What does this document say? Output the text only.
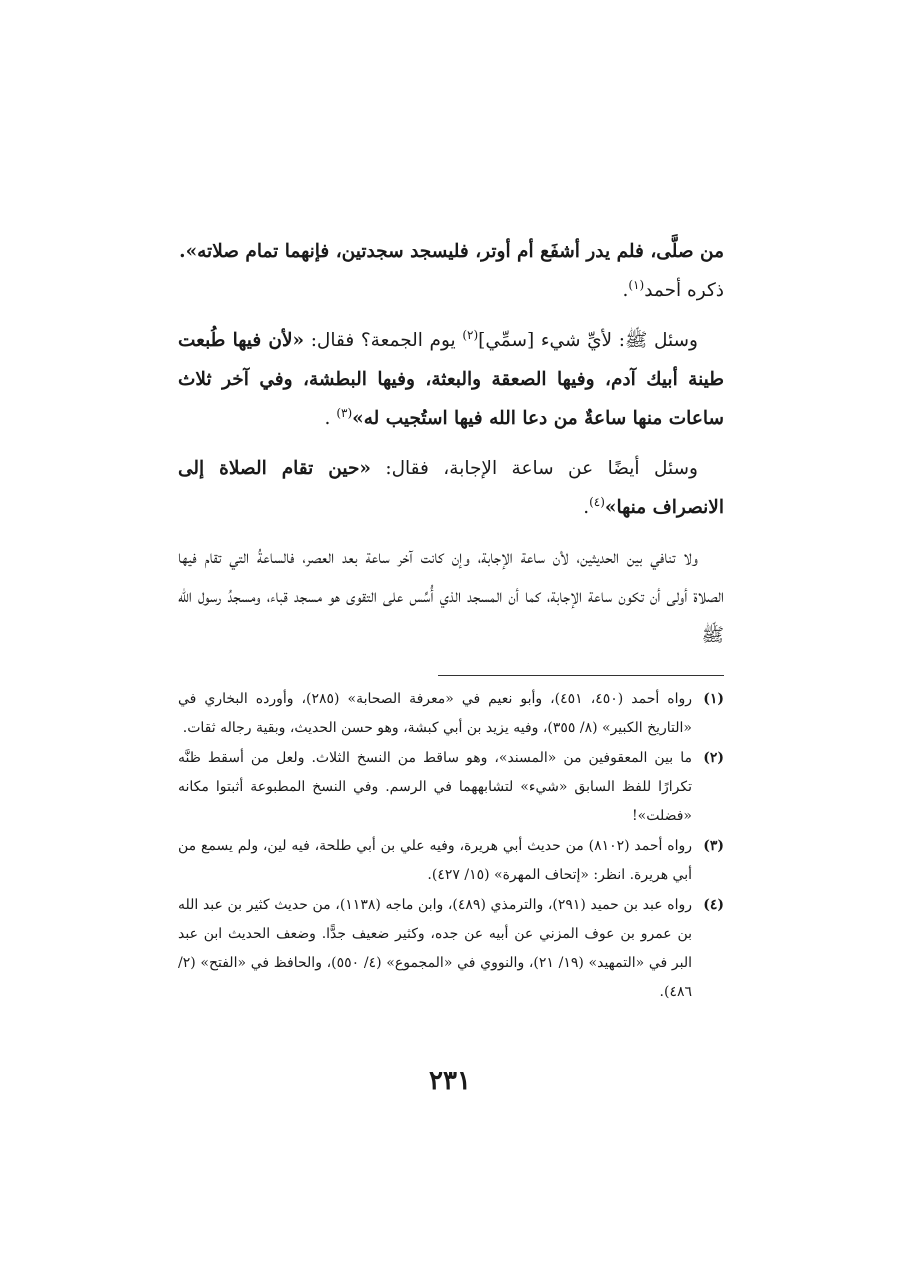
من صلَّى، فلم يدر أشفَع أم أوتر، فليسجد سجدتين، فإنهما تمام صلاته».
ذكره أحمد$^{(١)}$.

وسئل ﷺ: لأيِّ شيء [سمِّي]$^{(٢)}$ يوم الجمعة؟ فقال: «لأن فيها طُبعت طينة أبيك آدم، وفيها الصعقة والبعثة، وفيها البطشة، وفي آخر ثلاث ساعات منها ساعةٌ من دعا الله فيها استُجيب له»$^{(٣)}$ .

وسئل أيضًا عن ساعة الإجابة، فقال: «حين تقام الصلاة إلى الانصراف منها»$^{(٤)}$.

ولا تنافي بين الحديثين، لأن ساعة الإجابة، وإن كانت آخر ساعة بعد العصر، فالساعةُ التي تقام فيها الصلاة أولى أن تكون ساعة الإجابة، كما أن المسجد الذي أُسِّس على التقوى هو مسجد قباء، ومسجدُ رسول الله ﷺ

(١)
رواه أحمد (٤٥٠، ٤٥١)، وأبو نعيم في «معرفة الصحابة» (٢٨٥)، وأورده البخاري في «التاريخ الكبير» (٨/ ٣٥٥)، وفيه يزيد بن أبي كبشة، وهو حسن الحديث، وبقية رجاله ثقات.
(٢)
ما بين المعقوفين من «المسند»، وهو ساقط من النسخ الثلاث. ولعل من أسقط ظنَّه تكرارًا للفظ السابق «شيء» لتشابههما في الرسم. وفي النسخ المطبوعة أثبتوا مكانه «فضلت»!
(٣)
رواه أحمد (٨١٠٢) من حديث أبي هريرة، وفيه علي بن أبي طلحة، فيه لين، ولم يسمع من أبي هريرة. انظر: «إتحاف المهرة» (١٥/ ٤٢٧).
(٤)
رواه عبد بن حميد (٢٩١)، والترمذي (٤٨٩)، وابن ماجه (١١٣٨)، من حديث كثير بن عبد الله بن عمرو بن عوف المزني عن أبيه عن جده، وكثير ضعيف جدًّا. وضعف الحديث ابن عبد البر في «التمهيد» (١٩/ ٢١)، والنووي في «المجموع» (٤/ ٥٥٠)، والحافظ في «الفتح» (٢/ ٤٨٦).
٢٣١
